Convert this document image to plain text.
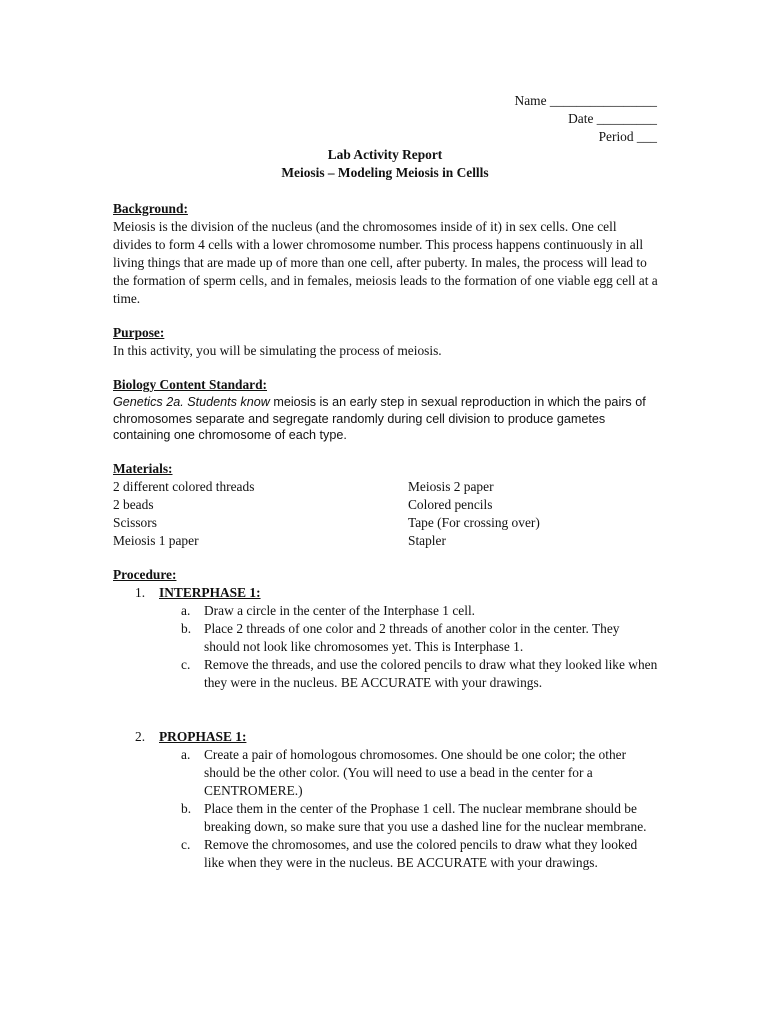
Name ________________
Date _________
Period ___
Lab Activity Report
Meiosis – Modeling Meiosis in Cellls
Background:

Meiosis is the division of the nucleus (and the chromosomes inside of it) in sex cells. One cell divides to form 4 cells with a lower chromosome number. This process happens continuously in all living things that are made up of more than one cell, after puberty. In males, the process will lead to the formation of sperm cells, and in females, meiosis leads to the formation of one viable egg cell at a time.

Purpose:

In this activity, you will be simulating the process of meiosis.

Biology Content Standard:

Genetics 2a. Students know meiosis is an early step in sexual reproduction in which the pairs of chromosomes separate and segregate randomly during cell division to produce gametes containing one chromosome of each type.

Materials:
2 different colored threads	Meiosis 2 paper
2 beads	Colored pencils
Scissors	Tape (For crossing over)
Meiosis 1 paper	Stapler
Procedure:
1.	INTERPHASE 1:
a.	Draw a circle in the center of the Interphase 1 cell.
b. Place 2 threads of one color and 2 threads of another color in the center. They should not look like chromosomes yet. This is Interphase 1.
c.	Remove the threads, and use the colored pencils to draw what they looked like when they were in the nucleus. BE ACCURATE with your drawings.
2.	PROPHASE 1:
a.	Create a pair of homologous chromosomes. One should be one color; the other should be the other color. (You will need to use a bead in the center for a CENTROMERE.)
b. Place them in the center of the Prophase 1 cell. The nuclear membrane should be breaking down, so make sure that you use a dashed line for the nuclear membrane.
c.	Remove the chromosomes, and use the colored pencils to draw what they looked like when they were in the nucleus. BE ACCURATE with your drawings.
